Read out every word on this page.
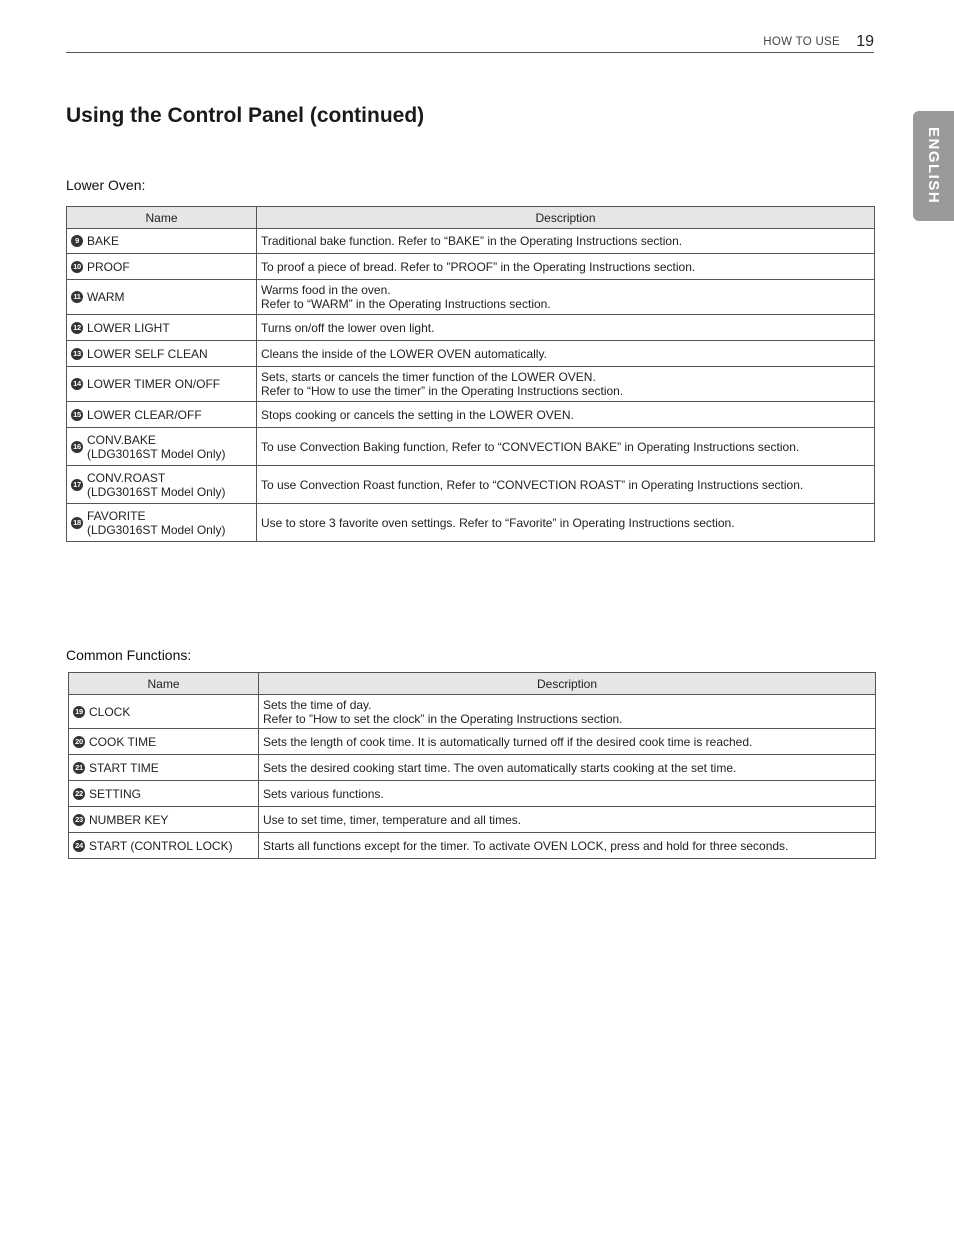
HOW TO USE 19
Using the Control Panel (continued)
ENGLISH
Lower Oven:
Name	Description

9 BAKE	Traditional bake function. Refer to “BAKE” in the Operating Instructions section.

10 PROOF	To proof a piece of bread. Refer to ”PROOF” in the Operating Instructions section.

11 WARM	Warms food in the oven.
Refer to “WARM” in the Operating Instructions section.

12 LOWER LIGHT	Turns on/off the lower oven light.

13 LOWER SELF CLEAN	Cleans the inside of the LOWER OVEN automatically.

14 LOWER TIMER ON/OFF	Sets, starts or cancels the timer function of the LOWER OVEN.
Refer to “How to use the timer” in the Operating Instructions section.

15 LOWER CLEAR/OFF	Stops cooking or cancels the setting in the LOWER OVEN.

16 CONV.BAKE
(LDG3016ST Model Only)	To use Convection Baking function, Refer to “CONVECTION BAKE” in Operating Instructions section.

17 CONV.ROAST
(LDG3016ST Model Only)	To use Convection Roast function, Refer to “CONVECTION ROAST” in Operating Instructions section.

18 FAVORITE
(LDG3016ST Model Only)	Use to store 3 favorite oven settings. Refer to “Favorite” in Operating Instructions section.
Common Functions:
Name	Description

19 CLOCK	Sets the time of day.
Refer to ”How to set the clock” in the Operating Instructions section.

20 COOK TIME	Sets the length of cook time. It is automatically turned off if the desired cook time is reached.

21 START TIME	Sets the desired cooking start time. The oven automatically starts cooking at the set time.

22 SETTING	Sets various functions.

23 NUMBER KEY	Use to set time, timer, temperature and all times.

24 START (CONTROL LOCK)	Starts all functions except for the timer. To activate OVEN LOCK, press and hold for three seconds.
